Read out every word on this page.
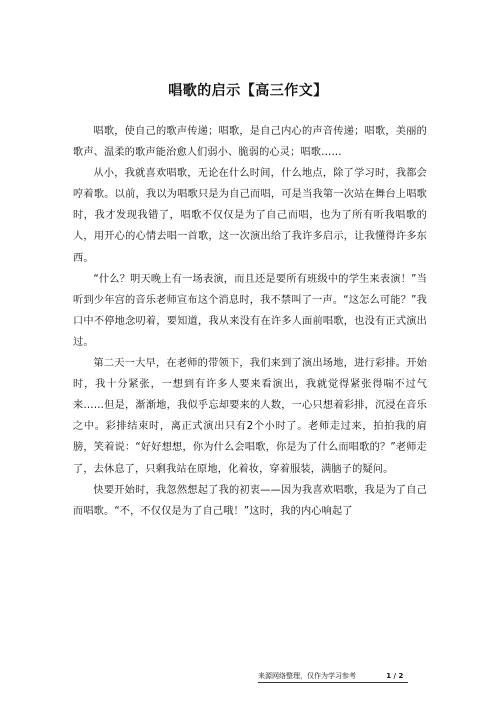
唱歌的启示【高三作文】

唱歌，使自己的歌声传递；唱歌，是自己内心的声音传递；唱歌，美丽的歌声、温柔的歌声能治愈人们弱小、脆弱的心灵；唱歌……

从小，我就喜欢唱歌，无论在什么时间，什么地点，除了学习时，我都会哼着歌。以前，我以为唱歌只是为自己而唱，可是当我第一次站在舞台上唱歌时，我才发现我错了，唱歌不仅仅是为了自己而唱，也为了所有听我唱歌的人，用开心的心情去唱一首歌，这一次演出给了我许多启示，让我懂得许多东西。

“什么？明天晚上有一场表演，而且还是要所有班级中的学生来表演！”当听到少年宫的音乐老师宣布这个消息时，我不禁叫了一声。“这怎么可能？”我口中不停地念叨着，要知道，我从来没有在许多人面前唱歌，也没有正式演出过。

第二天一大早，在老师的带领下，我们来到了演出场地，进行彩排。开始时，我十分紧张，一想到有许多人要来看演出，我就觉得紧张得喘不过气来……但是，渐渐地，我似乎忘却要来的人数，一心只想着彩排，沉浸在音乐之中。彩排结束时，离正式演出只有2个小时了。老师走过来，拍拍我的肩膀，笑着说：“好好想想，你为什么会唱歌，你是为了什么而唱歌的？”老师走了，去休息了，只剩我站在原地，化着妆，穿着服装，满脑子的疑问。

快要开始时，我忽然想起了我的初衷——因为我喜欢唱歌，我是为了自己而唱歌。“不，不仅仅是为了自己哦！”这时，我的内心响起了

来源网络整理，仅作为学习参考	1 / 2
